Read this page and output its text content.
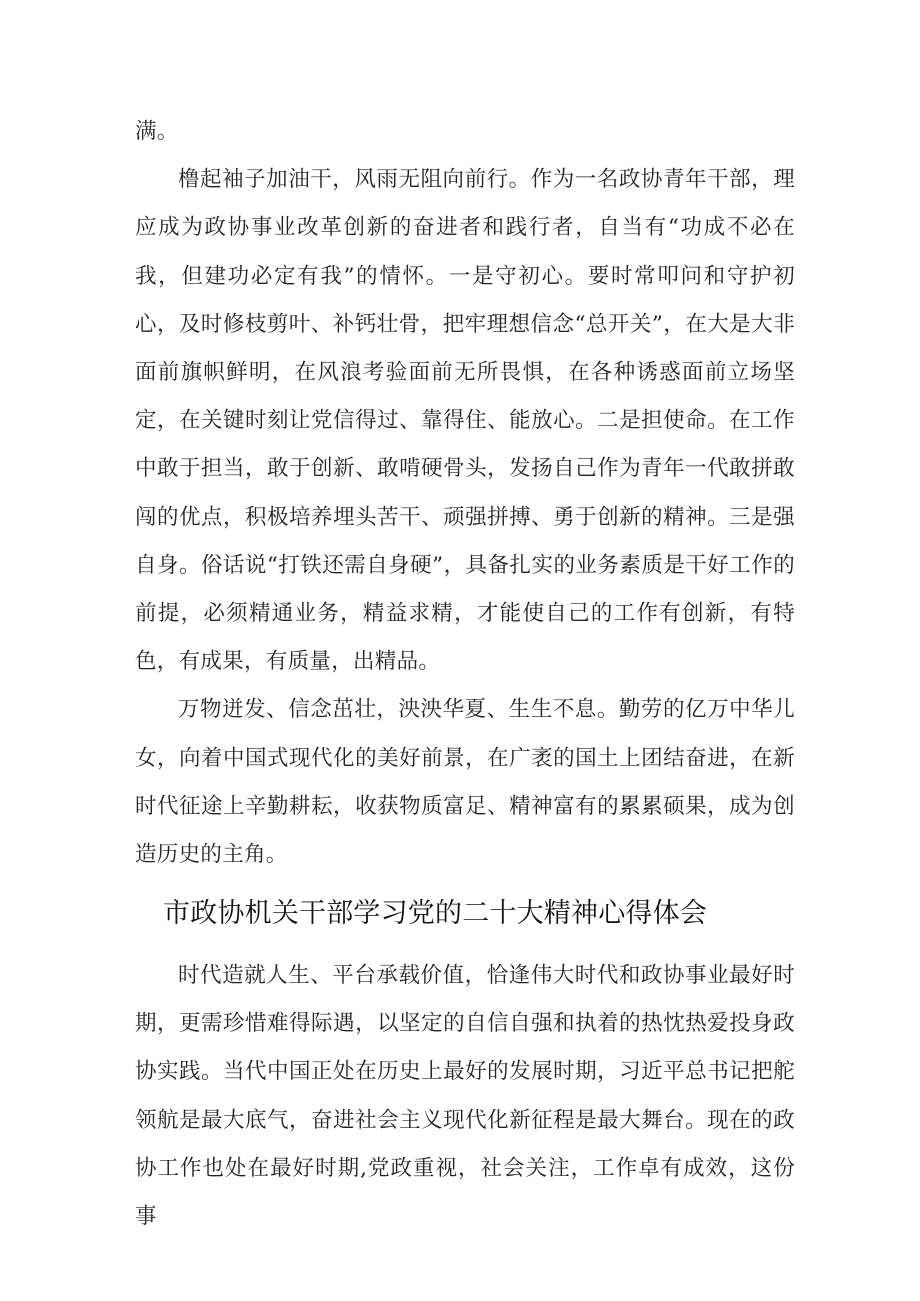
满。

橹起袖子加油干，风雨无阻向前行。作为一名政协青年干部，理应成为政协事业改革创新的奋进者和践行者，自当有“功成不必在我，但建功必定有我”的情怀。一是守初心。要时常叩问和守护初心，及时修枝剪叶、补钙壮骨，把牢理想信念“总开关”，在大是大非面前旗帜鲜明，在风浪考验面前无所畏惧，在各种诱惑面前立场坚定，在关键时刻让党信得过、靠得住、能放心。二是担使命。在工作中敢于担当，敢于创新、敢啃硬骨头，发扬自己作为青年一代敢拼敢闯的优点，积极培养埋头苦干、顽强拼搏、勇于创新的精神。三是强自身。俗话说“打铁还需自身硬”，具备扎实的业务素质是干好工作的前提，必须精通业务，精益求精，才能使自己的工作有创新，有特色，有成果，有质量，出精品。

万物迸发、信念茁壮，泱泱华夏、生生不息。勤劳的亿万中华儿女，向着中国式现代化的美好前景，在广袤的国土上团结奋进，在新时代征途上辛勤耕耘，收获物质富足、精神富有的累累硕果，成为创造历史的主角。

市政协机关干部学习党的二十大精神心得体会

时代造就人生、平台承载价值，恰逢伟大时代和政协事业最好时期，更需珍惜难得际遇，以坚定的自信自强和执着的热忱热爱投身政协实践。当代中国正处在历史上最好的发展时期，习近平总书记把舵领航是最大底气，奋进社会主义现代化新征程是最大舞台。现在的政协工作也处在最好时期,党政重视，社会关注，工作卓有成效，这份事
